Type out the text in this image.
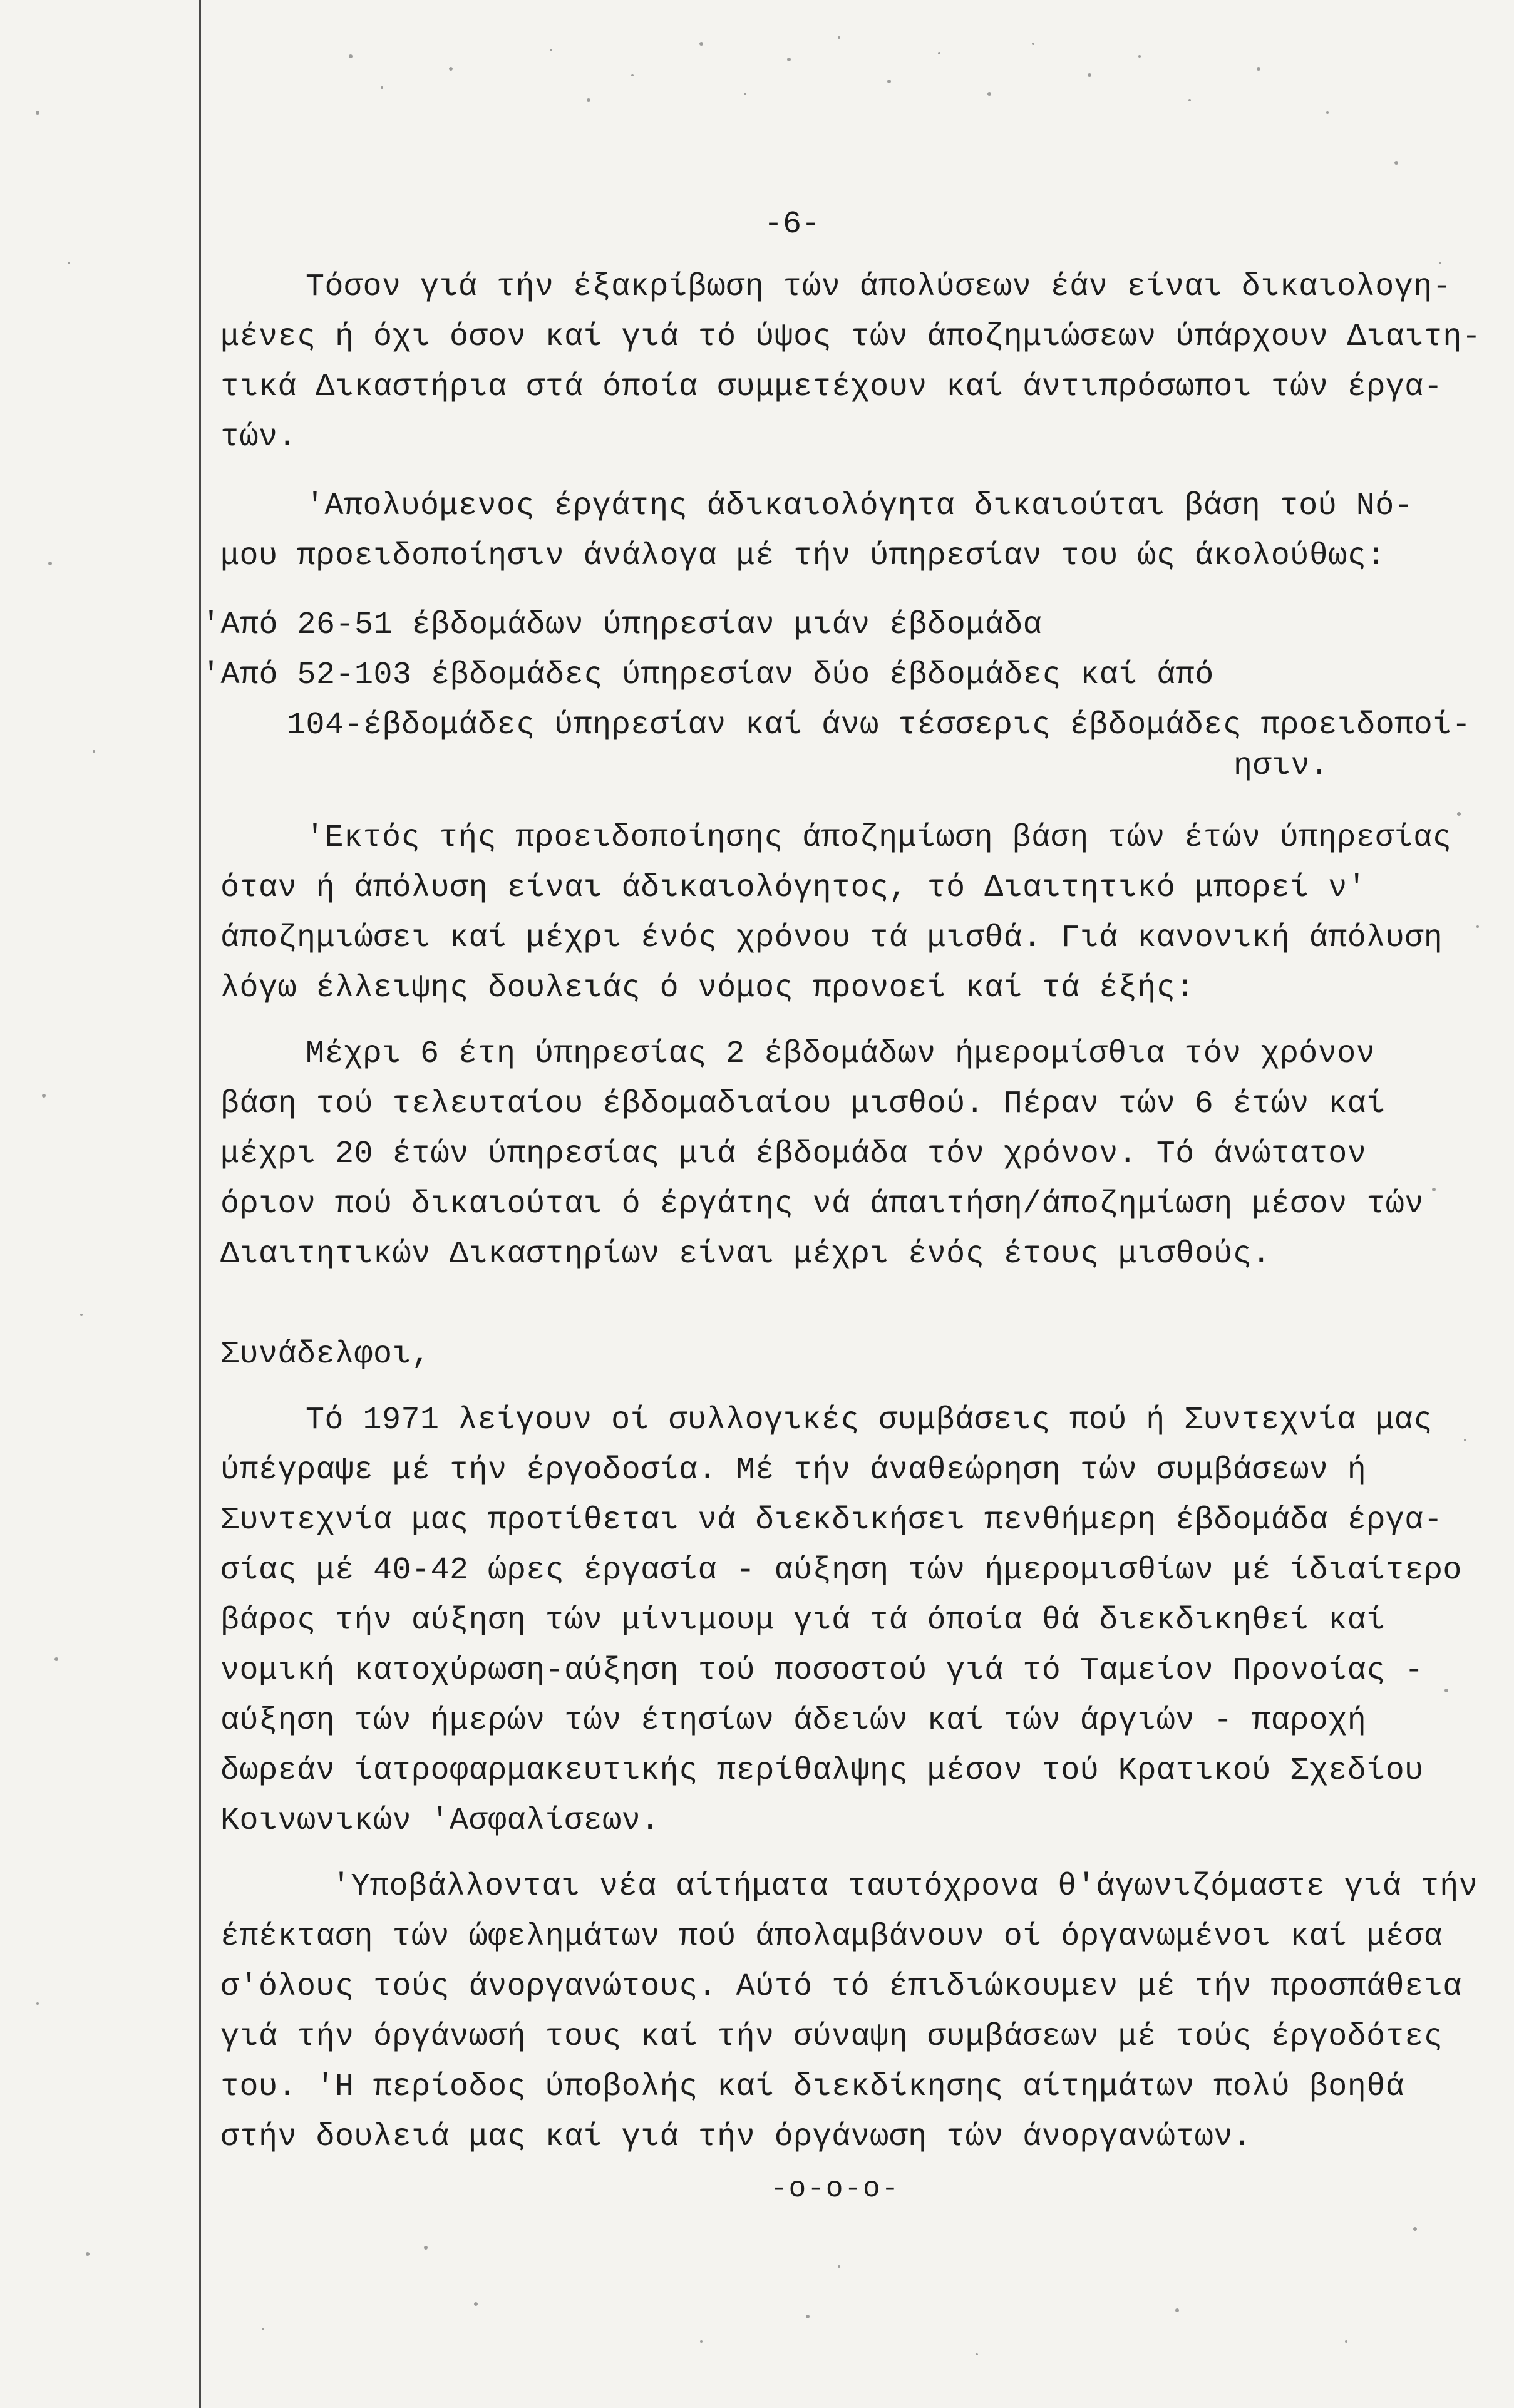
-6-
Τόσον γιά τήν έξακρίβωση τών άπολύσεων έάν είναι δικαιολογη-
μένες ή όχι όσον καί γιά τό ύψος τών άποζημιώσεων ύπάρχουν Διαιτη-
τικά Δικαστήρια στά όποία συμμετέχουν καί άντιπρόσωποι τών έργα-
τών.
'Απολυόμενος έργάτης άδικαιολόγητα δικαιούται βάση τού Νό-
μου προειδοποίησιν άνάλογα μέ τήν ύπηρεσίαν του ώς άκολούθως:
'Από 26-51 έβδομάδων ύπηρεσίαν μιάν έβδομάδα
'Από 52-103 έβδομάδες ύπηρεσίαν δύο έβδομάδες καί άπό
104-έβδομάδες ύπηρεσίαν καί άνω τέσσερις έβδομάδες προειδοποί-
ησιν.
'Εκτός τής προειδοποίησης άποζημίωση βάση τών έτών ύπηρεσίας
όταν ή άπόλυση είναι άδικαιολόγητος, τό Διαιτητικό μπορεί ν'
άποζημιώσει καί μέχρι ένός χρόνου τά μισθά. Γιά κανονική άπόλυση
λόγω έλλειψης δουλειάς ό νόμος προνοεί καί τά έξής:
Μέχρι 6 έτη ύπηρεσίας 2 έβδομάδων ήμερομίσθια τόν χρόνον
βάση τού τελευταίου έβδομαδιαίου μισθού. Πέραν τών 6 έτών καί
μέχρι 20 έτών ύπηρεσίας μιά έβδομάδα τόν χρόνον. Τό άνώτατον
όριον πού δικαιούται ό έργάτης νά άπαιτήση/άποζημίωση μέσον τών
Διαιτητικών Δικαστηρίων είναι μέχρι ένός έτους μισθούς.
Συνάδελφοι,
Τό 1971 λείγουν οί συλλογικές συμβάσεις πού ή Συντεχνία μας
ύπέγραψε μέ τήν έργοδοσία. Μέ τήν άναθεώρηση τών συμβάσεων ή
Συντεχνία μας προτίθεται νά διεκδικήσει πενθήμερη έβδομάδα έργα-
σίας μέ 40-42 ώρες έργασία - αύξηση τών ήμερομισθίων μέ ίδιαίτερο
βάρος τήν αύξηση τών μίνιμουμ γιά τά όποία θά διεκδικηθεί καί
νομική κατοχύρωση-αύξηση τού ποσοστού γιά τό Ταμείον Προνοίας -
αύξηση τών ήμερών τών έτησίων άδειών καί τών άργιών - παροχή
δωρεάν ίατροφαρμακευτικής περίθαλψης μέσον τού Κρατικού Σχεδίου
Κοινωνικών 'Ασφαλίσεων.
'Υποβάλλονται νέα αίτήματα ταυτόχρονα θ'άγωνιζόμαστε γιά τήν
έπέκταση τών ώφελημάτων πού άπολαμβάνουν οί όργανωμένοι καί μέσα
σ'όλους τούς άνοργανώτους. Αύτό τό έπιδιώκουμεν μέ τήν προσπάθεια
γιά τήν όργάνωσή τους καί τήν σύναψη συμβάσεων μέ τούς έργοδότες
του. 'Η περίοδος ύποβολής καί διεκδίκησης αίτημάτων πολύ βοηθά
στήν δουλειά μας καί γιά τήν όργάνωση τών άνοργανώτων.
-o-o-o-
